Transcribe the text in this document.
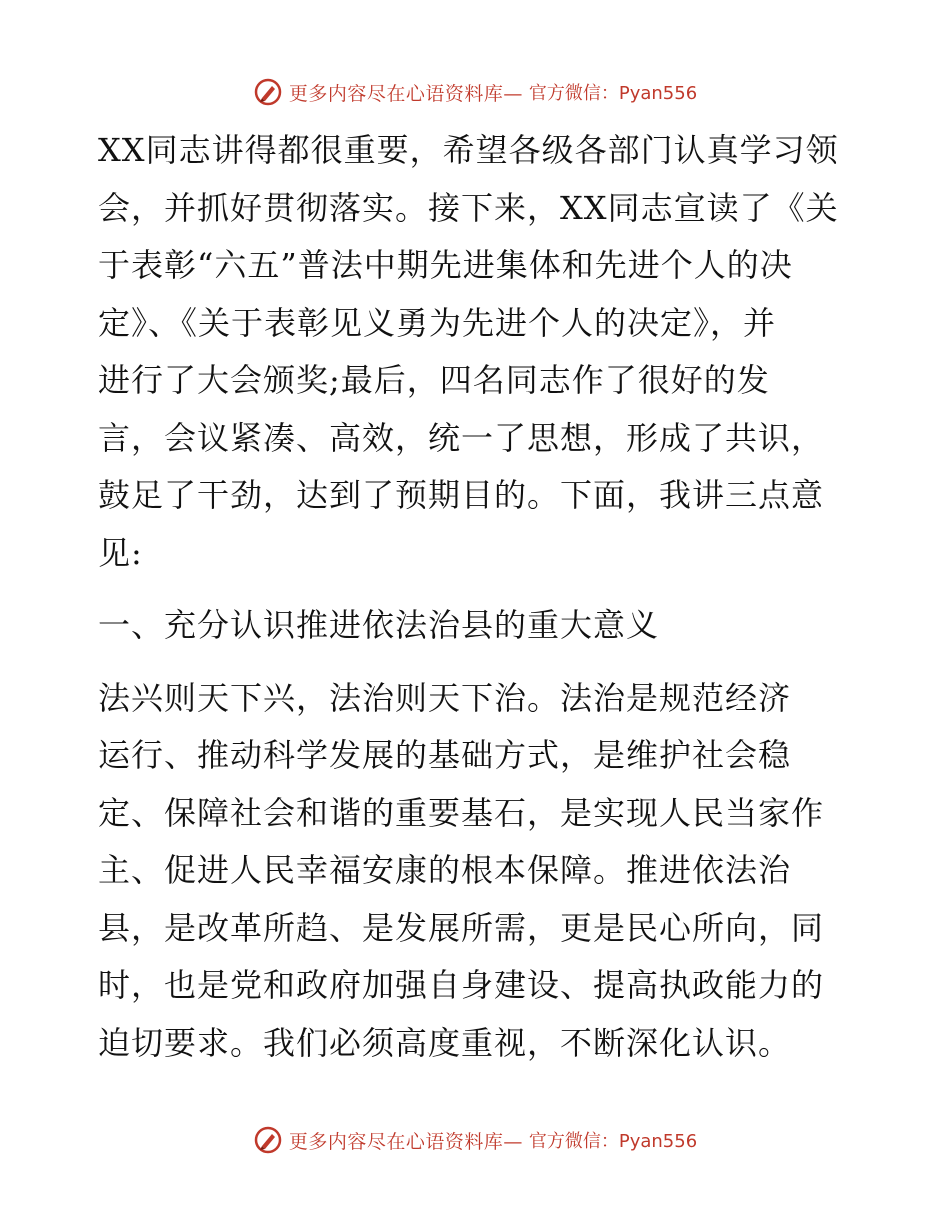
更多内容尽在心语资料库— 官方微信：Pyan556
XX同志讲得都很重要，希望各级各部门认真学习领
会，并抓好贯彻落实。接下来，XX同志宣读了《关
于表彰“六五”普法中期先进集体和先进个人的决
定》、《关于表彰见义勇为先进个人的决定》，并
进行了大会颁奖;最后，四名同志作了很好的发
言，会议紧凑、高效，统一了思想，形成了共识，
鼓足了干劲，达到了预期目的。下面，我讲三点意
见:
一、充分认识推进依法治县的重大意义
法兴则天下兴，法治则天下治。法治是规范经济
运行、推动科学发展的基础方式，是维护社会稳
定、保障社会和谐的重要基石，是实现人民当家作
主、促进人民幸福安康的根本保障。推进依法治
县，是改革所趋、是发展所需，更是民心所向，同
时，也是党和政府加强自身建设、提高执政能力的
迫切要求。我们必须高度重视，不断深化认识。
更多内容尽在心语资料库— 官方微信：Pyan556
